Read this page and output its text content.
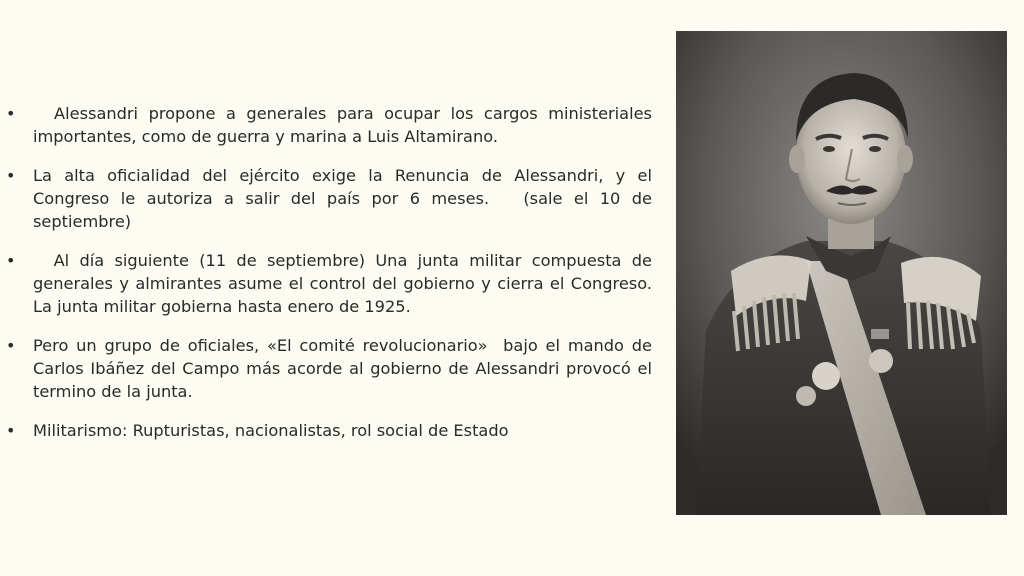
• Alessandri propone a generales para ocupar los cargos ministeriales importantes, como de guerra y marina a Luis Altamirano.
• La alta oficialidad del ejército exige la Renuncia de Alessandri, y el Congreso le autoriza a salir del país por 6 meses.   (sale el 10 de septiembre)
• Al día siguiente (11 de septiembre) Una junta militar compuesta de generales y almirantes asume el control del gobierno y cierra el Congreso.  La junta militar gobierna hasta enero de 1925.
• Pero un grupo de oficiales, «El comité revolucionario»  bajo el mando de Carlos Ibáñez del Campo más acorde al gobierno de Alessandri provocó el termino de la junta.
• Militarismo: Rupturistas, nacionalistas, rol social de Estado
